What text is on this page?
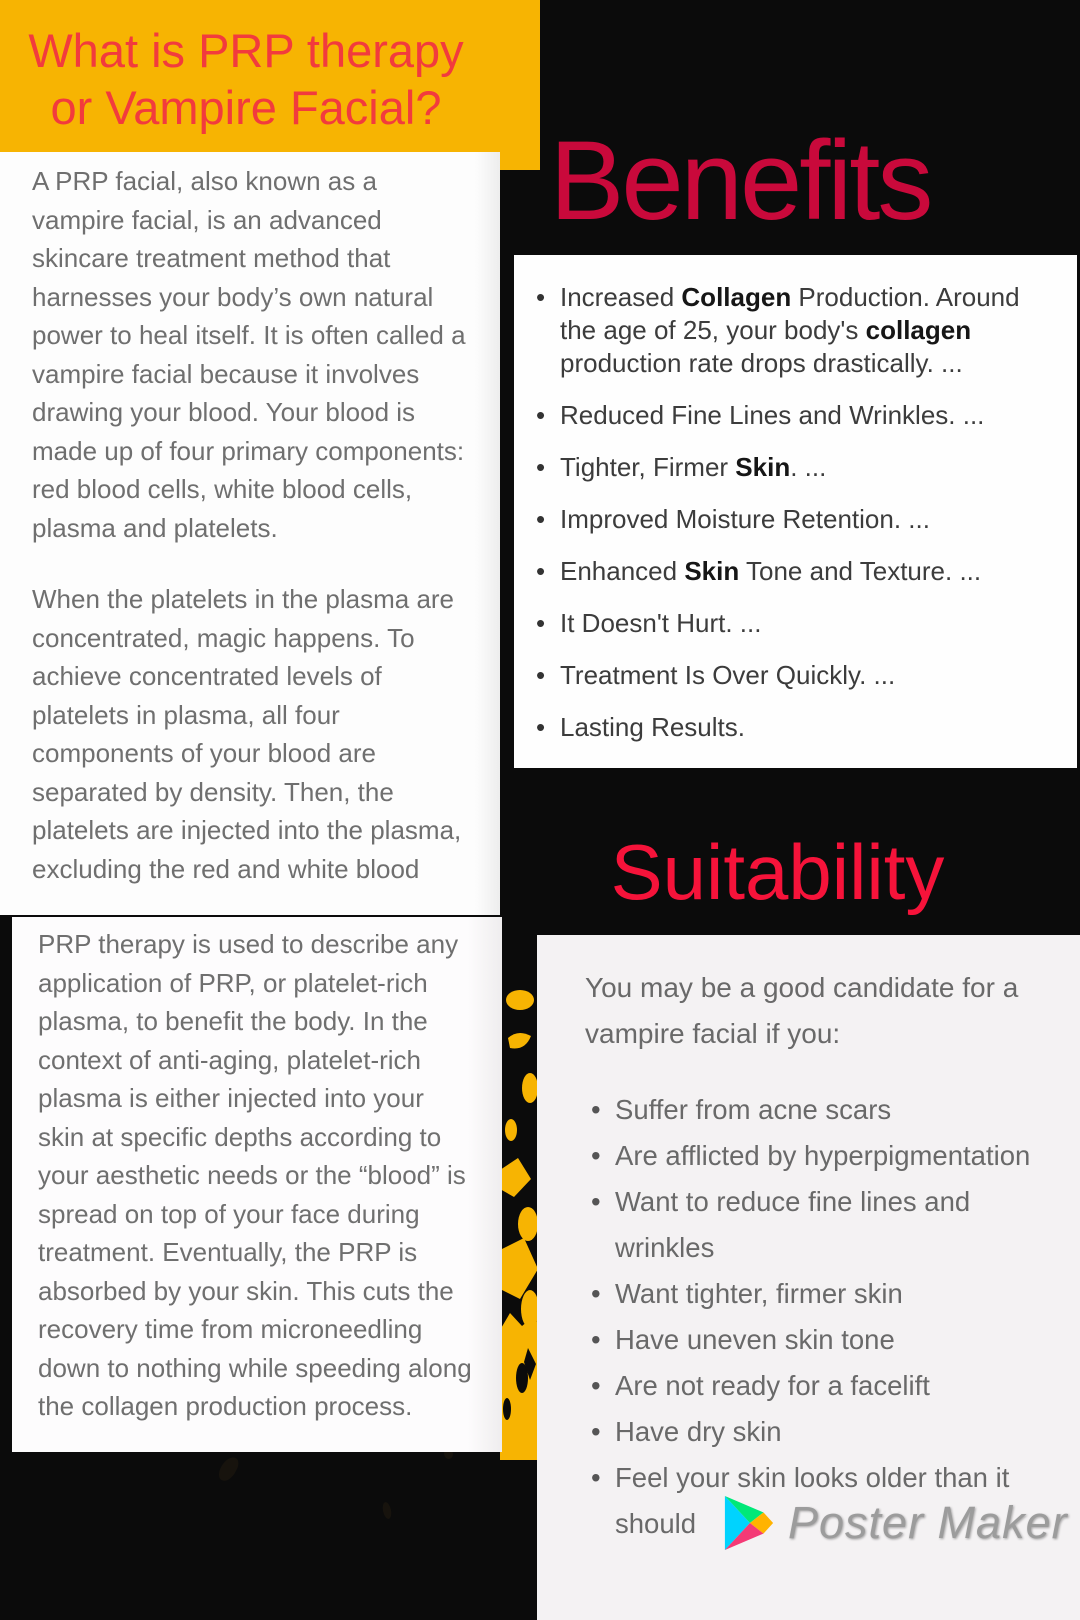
What is PRP therapy
or Vampire Facial?
A PRP facial, also known as a vampire facial, is an advanced skincare treatment method that harnesses your body’s own natural power to heal itself. It is often called a vampire facial because it involves drawing your blood. Your blood is made up of four primary components: red blood cells, white blood cells, plasma and platelets.
When the platelets in the plasma are concentrated, magic happens. To achieve concentrated levels of platelets in plasma, all four components of your blood are separated by density. Then, the platelets are injected into the plasma, excluding the red and white blood
PRP therapy is used to describe any application of PRP, or platelet-rich plasma, to benefit the body. In the context of anti-aging, platelet-rich plasma is either injected into your skin at specific depths according to your aesthetic needs or the “blood” is spread on top of your face during treatment. Eventually, the PRP is absorbed by your skin. This cuts the recovery time from microneedling down to nothing while speeding along the collagen production process.
Benefits
• Increased Collagen Production. Around the age of 25, your body's collagen production rate drops drastically. ...
• Reduced Fine Lines and Wrinkles. ...
• Tighter, Firmer Skin. ...
• Improved Moisture Retention. ...
• Enhanced Skin Tone and Texture. ...
• It Doesn't Hurt. ...
• Treatment Is Over Quickly. ...
• Lasting Results.
Suitability
You may be a good candidate for a vampire facial if you:
• Suffer from acne scars
• Are afflicted by hyperpigmentation
• Want to reduce fine lines and wrinkles
• Want tighter, firmer skin
• Have uneven skin tone
• Are not ready for a facelift
• Have dry skin
• Feel your skin looks older than it should	Poster Maker
